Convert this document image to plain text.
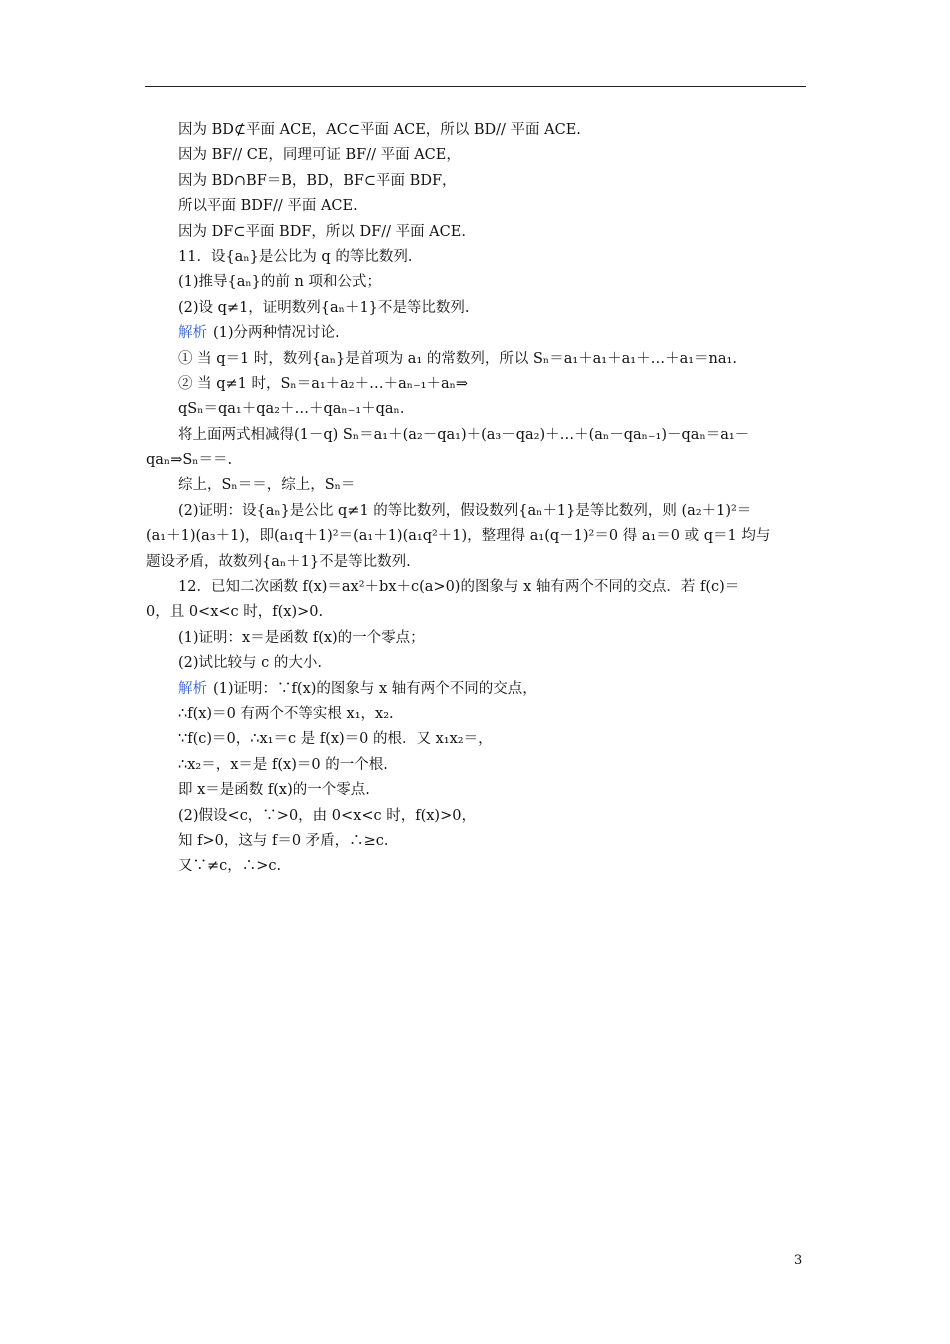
因为 BD⊄平面 ACE，AC⊂平面 ACE，所以 BD// 平面 ACE.
因为 BF// CE，同理可证 BF// 平面 ACE，
因为 BD∩BF＝B，BD，BF⊂平面 BDF，
所以平面 BDF// 平面 ACE.
因为 DF⊂平面 BDF，所以 DF// 平面 ACE.
11．设{aₙ}是公比为 q 的等比数列.
(1)推导{aₙ}的前 n 项和公式；
(2)设 q≠1，证明数列{aₙ＋1}不是等比数列.
解析 (1)分两种情况讨论.
① 当 q＝1 时，数列{aₙ}是首项为 a₁ 的常数列，所以 Sₙ＝a₁＋a₁＋a₁＋…＋a₁＝na₁.
② 当 q≠1 时，Sₙ＝a₁＋a₂＋…＋aₙ₋₁＋aₙ⇒
qSₙ＝qa₁＋qa₂＋…＋qaₙ₋₁＋qaₙ.
将上面两式相减得(1－q) Sₙ＝a₁＋(a₂－qa₁)＋(a₃－qa₂)＋…＋(aₙ－qaₙ₋₁)－qaₙ＝a₁－
qaₙ⇒Sₙ＝＝.
综上，Sₙ＝＝，综上，Sₙ＝
(2)证明：设{aₙ}是公比 q≠1 的等比数列，假设数列{aₙ＋1}是等比数列，则 (a₂＋1)²＝
(a₁＋1)(a₃＋1)，即(a₁q＋1)²＝(a₁＋1)(a₁q²＋1)，整理得 a₁(q－1)²＝0 得 a₁＝0 或 q＝1 均与
题设矛盾，故数列{aₙ＋1}不是等比数列.
12．已知二次函数 f(x)＝ax²＋bx＋c(a>0)的图象与 x 轴有两个不同的交点．若 f(c)＝
0，且 0<x<c 时，f(x)>0.
(1)证明：x＝是函数 f(x)的一个零点；
(2)试比较与 c 的大小.
解析 (1)证明：∵f(x)的图象与 x 轴有两个不同的交点，
∴f(x)＝0 有两个不等实根 x₁，x₂.
∵f(c)＝0，∴x₁＝c 是 f(x)＝0 的根．又 x₁x₂＝，
∴x₂＝，x＝是 f(x)＝0 的一个根.
即 x＝是函数 f(x)的一个零点.
(2)假设<c，∵>0，由 0<x<c 时，f(x)>0，
知 f>0，这与 f＝0 矛盾，∴≥c.
又∵≠c，∴>c.
3
